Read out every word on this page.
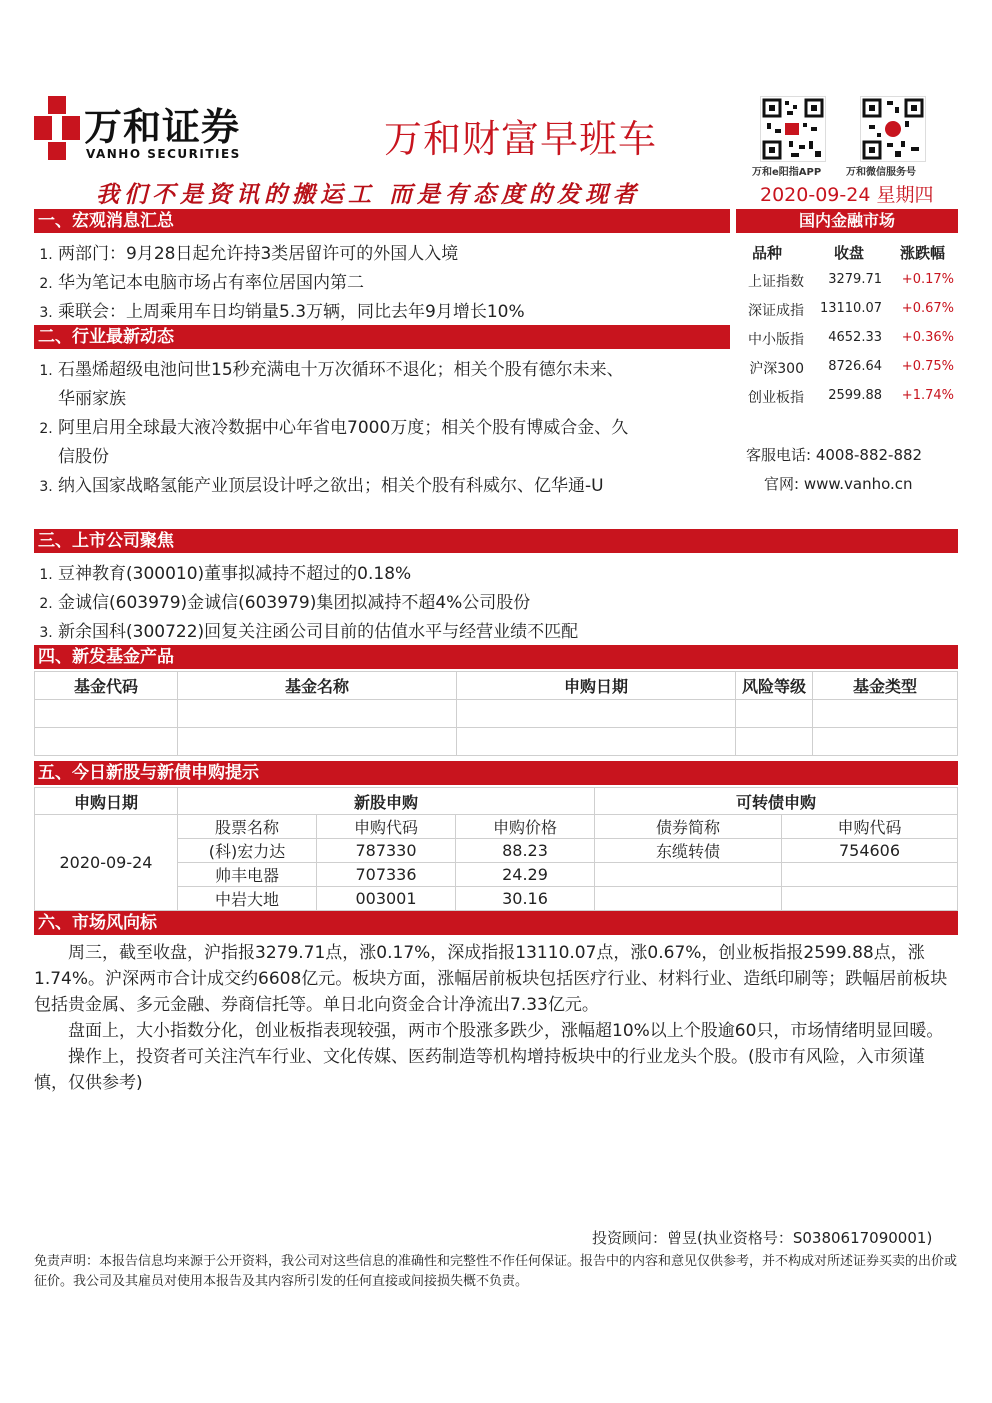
万和证券
VANHO SECURITIES	万和财富早班车
万和e阳指APP 万和微信服务号
我们不是资讯的搬运工 而是有态度的发现者	2020-09-24 星期四
一、宏观消息汇总
1. 两部门：9月28日起允许持3类居留许可的外国人入境
2. 华为笔记本电脑市场占有率位居国内第二
3. 乘联会：上周乘用车日均销量5.3万辆，同比去年9月增长10%
二、行业最新动态
1. 石墨烯超级电池问世15秒充满电十万次循环不退化；相关个股有德尔未来、
华丽家族
2. 阿里启用全球最大液冷数据中心年省电7000万度；相关个股有博威合金、久
信股份
3. 纳入国家战略氢能产业顶层设计呼之欲出；相关个股有科威尔、亿华通-U
国内金融市场
品种	收盘 涨跌幅
上证指数	3279.71	+0.17%
深证成指	13110.07	+0.67%
中小版指	4652.33	+0.36%
沪深300	8726.64	+0.75%
创业板指	2599.88	+1.74%
客服电话: 4008-882-882
官网: www.vanho.cn
三、上市公司聚焦
1. 豆神教育(300010)董事拟减持不超过的0.18%
2. 金诚信(603979)金诚信(603979)集团拟减持不超4%公司股份
3. 新余国科(300722)回复关注函公司目前的估值水平与经营业绩不匹配
四、新发基金产品
基金代码	基金名称	申购日期	风险等级	基金类型

五、今日新股与新债申购提示
申购日期	新股申购			可转债申购	
2020-09-24	股票名称	申购代码	申购价格	债券简称	申购代码
	(科)宏力达	787330	88.23	东缆转债	754606
	帅丰电器	707336	24.29		
	中岩大地	003001	30.16		
六、市场风向标

周三，截至收盘，沪指报3279.71点，涨0.17%，深成指报13110.07点，涨0.67%，创业板指报2599.88点，涨1.74%。沪深两市合计成交约6608亿元。板块方面，涨幅居前板块包括医疗行业、材料行业、造纸印刷等；跌幅居前板块包括贵金属、多元金融、券商信托等。单日北向资金合计净流出7.33亿元。

盘面上，大小指数分化，创业板指表现较强，两市个股涨多跌少，涨幅超10%以上个股逾60只，市场情绪明显回暖。

操作上，投资者可关注汽车行业、文化传媒、医药制造等机构增持板块中的行业龙头个股。(股市有风险，入市须谨慎，仅供参考)

投资顾问：曾昱(执业资格号：S0380617090001)
免责声明：本报告信息均来源于公开资料，我公司对这些信息的准确性和完整性不作任何保证。报告中的内容和意见仅供参考，并不构成对所述证券买卖的出价或征价。我公司及其雇员对使用本报告及其内容所引发的任何直接或间接损失概不负责。
